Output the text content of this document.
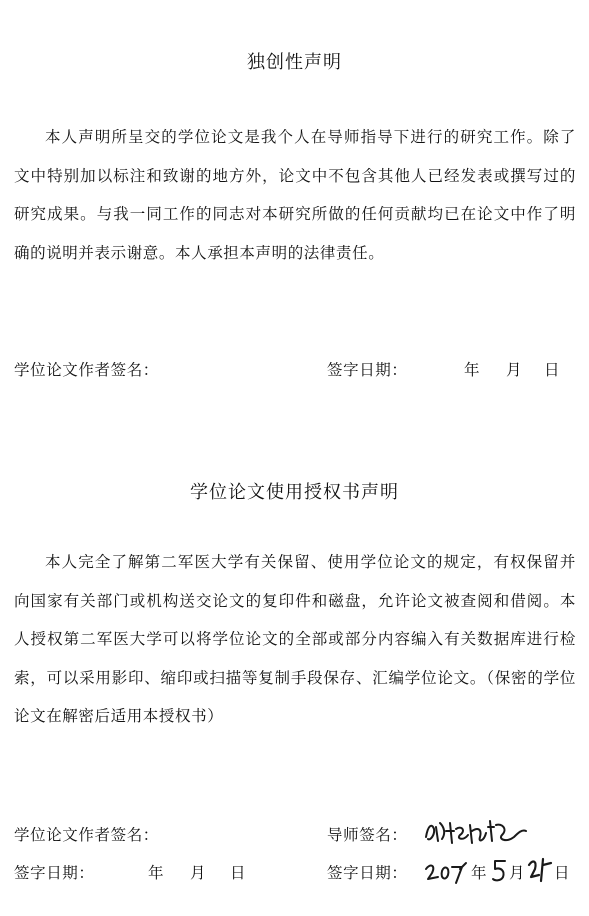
独创性声明

本人声明所呈交的学位论文是我个人在导师指导下进行的研究工作。除了文中特别加以标注和致谢的地方外，论文中不包含其他人已经发表或撰写过的研究成果。与我一同工作的同志对本研究所做的任何贡献均已在论文中作了明确的说明并表示谢意。本人承担本声明的法律责任。

学位论文作者签名：	签字日期：	年 月 日
学位论文使用授权书声明

本人完全了解第二军医大学有关保留、使用学位论文的规定，有权保留并向国家有关部门或机构送交论文的复印件和磁盘，允许论文被查阅和借阅。本人授权第二军医大学可以将学位论文的全部或部分内容编入有关数据库进行检索，可以采用影印、缩印或扫描等复制手段保存、汇编学位论文。（保密的学位论文在解密后适用本授权书）

学位论文作者签名：	导师签名：
签字日期：	年 月 日	签字日期：	年 月 日
